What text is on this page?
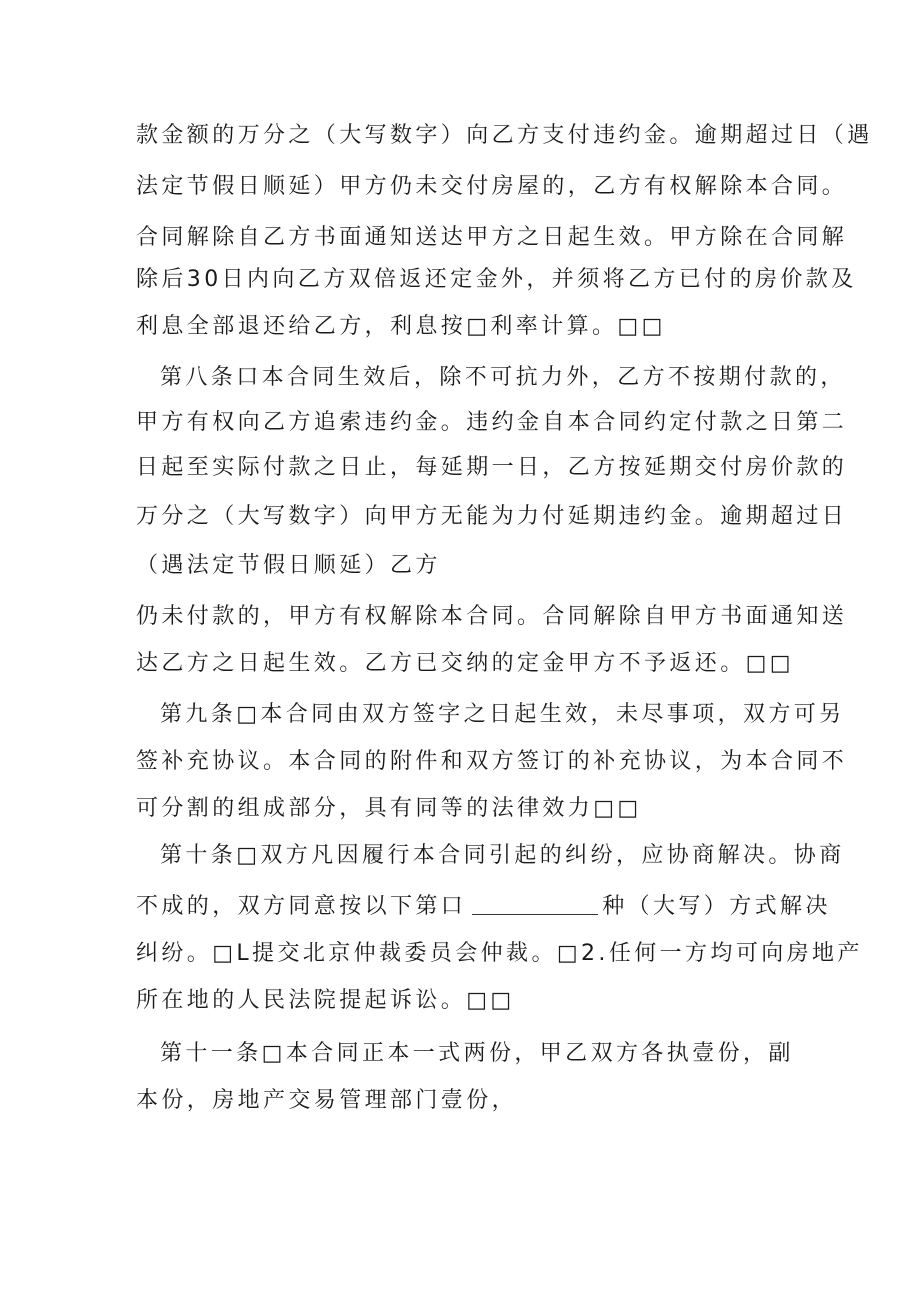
款金额的万分之（大写数字）向乙方支付违约金。逾期超过日（遇
法定节假日顺延）甲方仍未交付房屋的，乙方有权解除本合同。
合同解除自乙方书面通知送达甲方之日起生效。甲方除在合同解
除后30日内向乙方双倍返还定金外，并须将乙方已付的房价款及
利息全部退还给乙方，利息按□利率计算。□□
第八条口本合同生效后，除不可抗力外，乙方不按期付款的，
甲方有权向乙方追索违约金。违约金自本合同约定付款之日第二
日起至实际付款之日止，每延期一日，乙方按延期交付房价款的
万分之（大写数字）向甲方无能为力付延期违约金。逾期超过日
（遇法定节假日顺延）乙方
仍未付款的，甲方有权解除本合同。合同解除自甲方书面通知送
达乙方之日起生效。乙方已交纳的定金甲方不予返还。□□
第九条□本合同由双方签字之日起生效，未尽事项，双方可另
签补充协议。本合同的附件和双方签订的补充协议，为本合同不
可分割的组成部分，具有同等的法律效力□□
第十条□双方凡因履行本合同引起的纠纷，应协商解决。协商
不成的，双方同意按以下第口	种（大写）方式解决
纠纷。□L提交北京仲裁委员会仲裁。□2.任何一方均可向房地产
所在地的人民法院提起诉讼。□□
第十一条□本合同正本一式两份，甲乙双方各执壹份，副
本份，房地产交易管理部门壹份，
